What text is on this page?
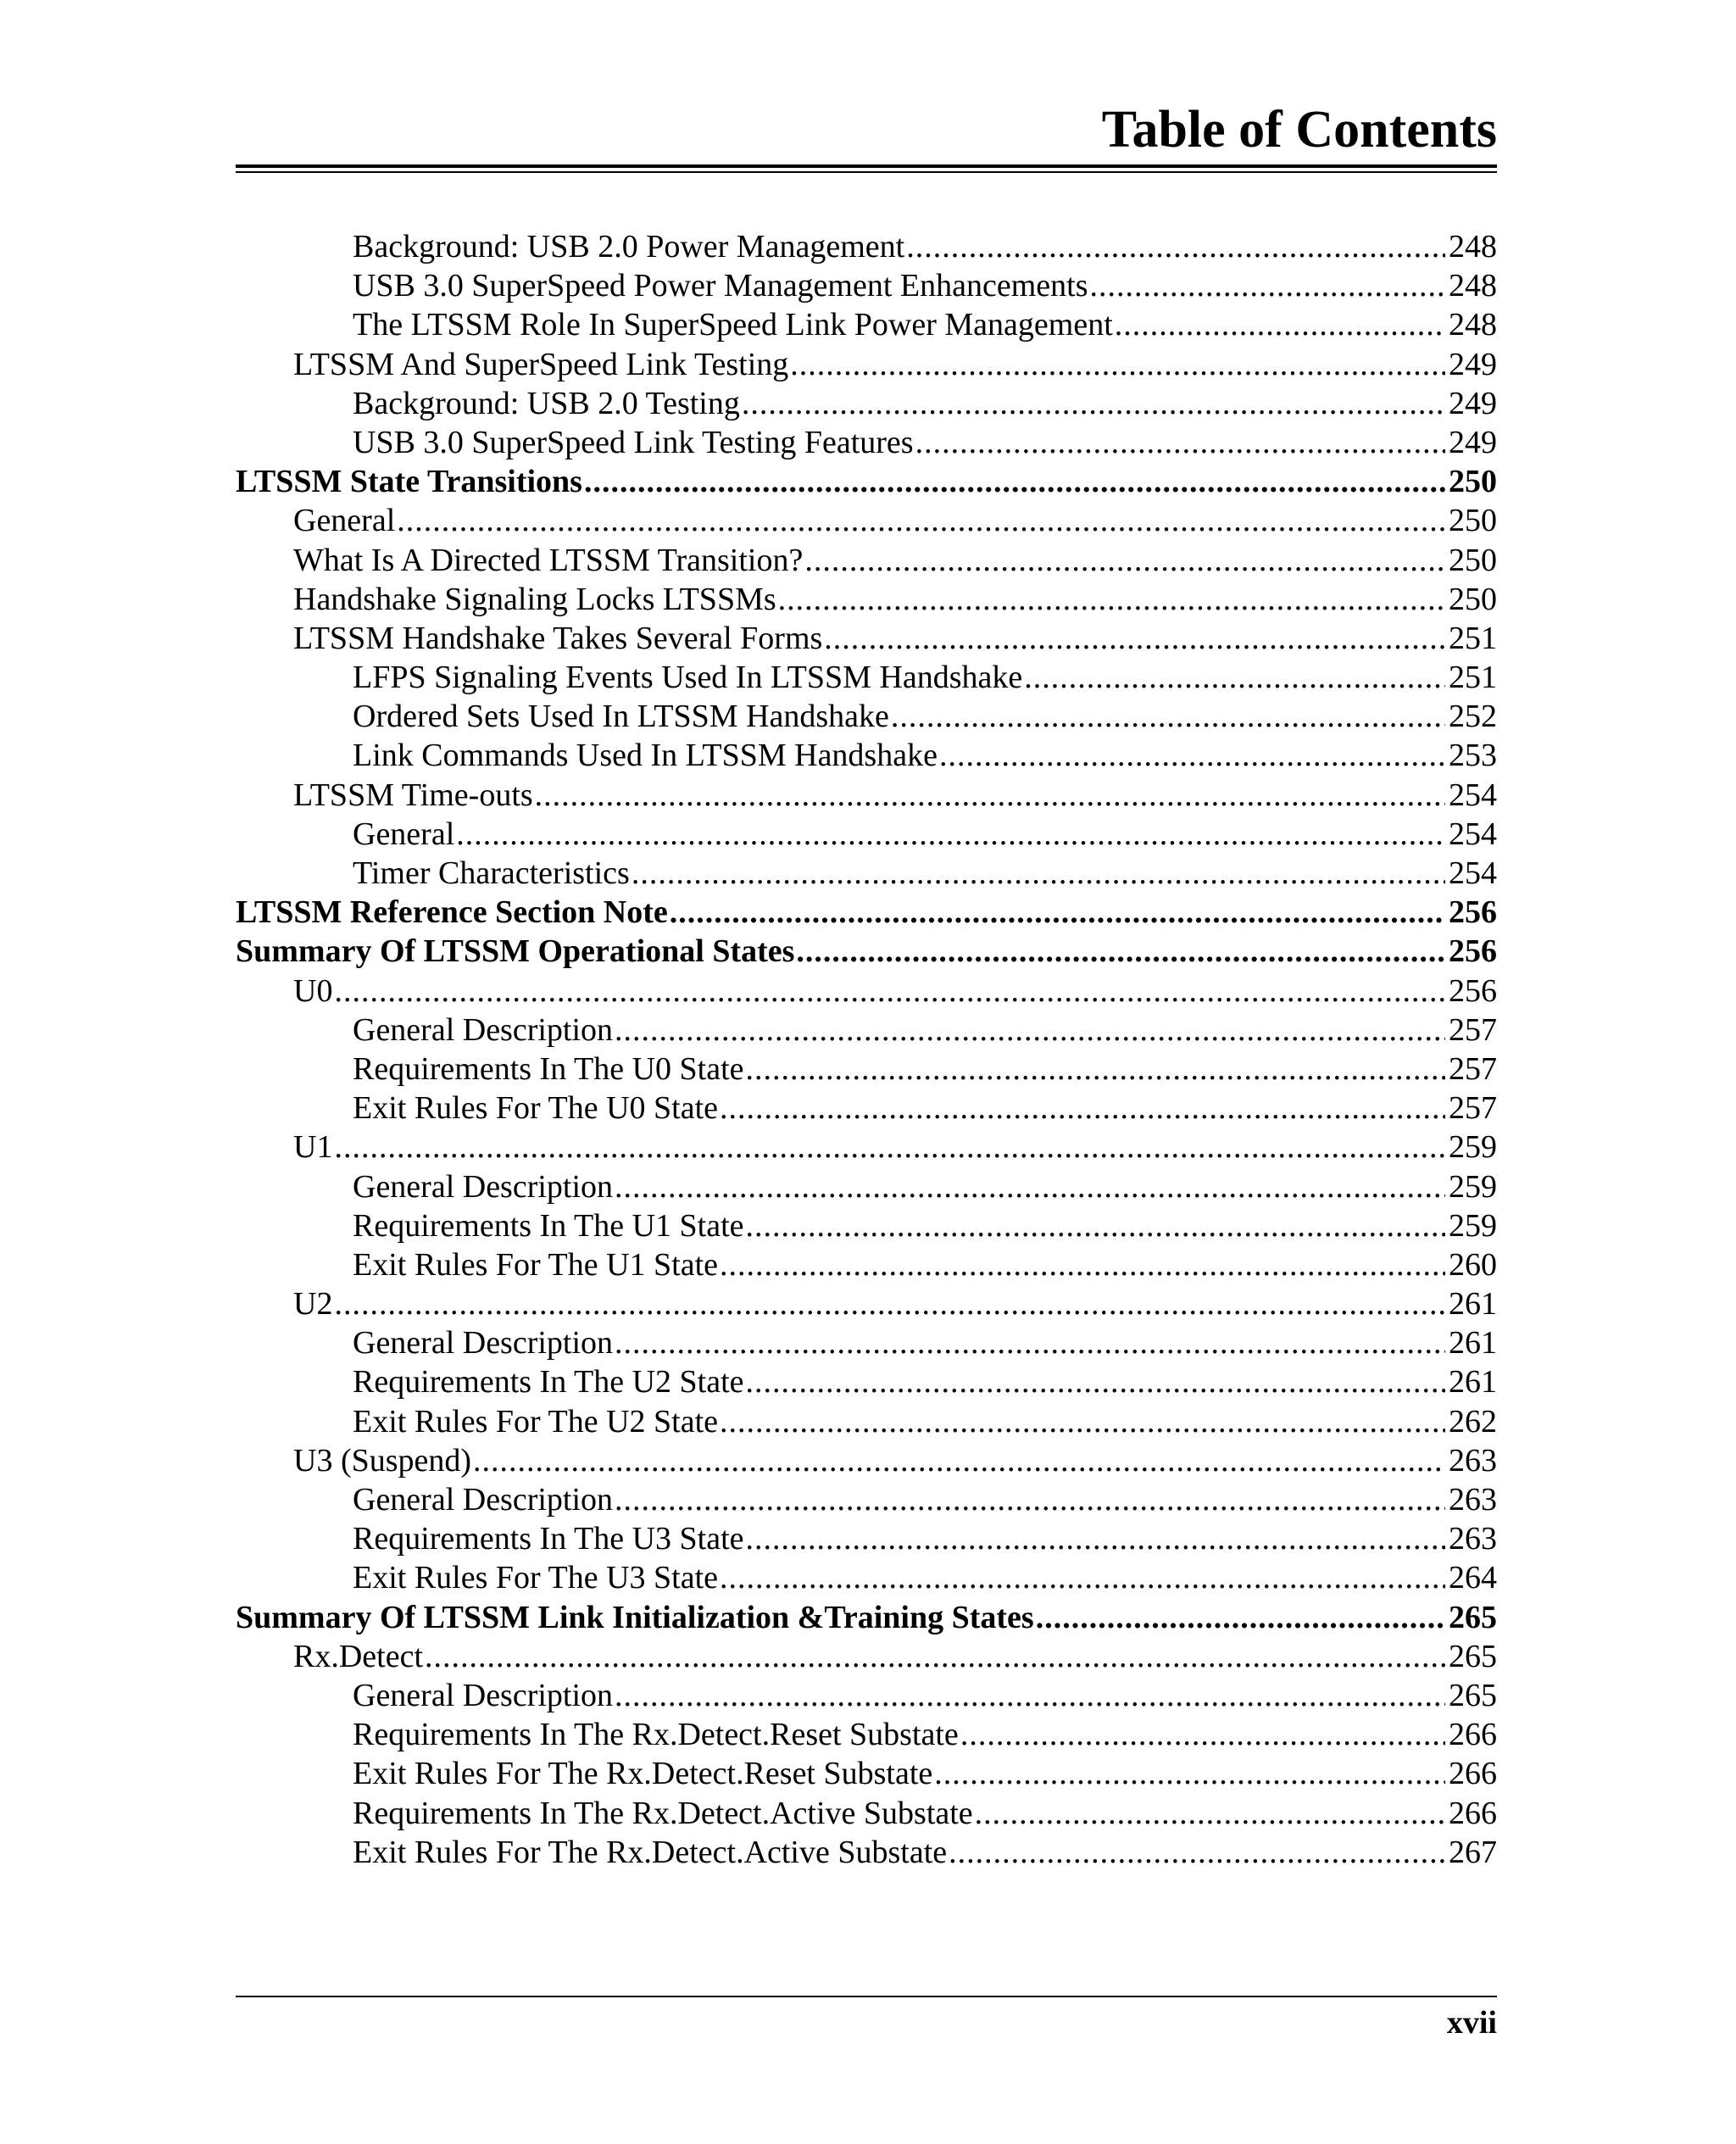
Table of Contents
Background: USB 2.0 Power Management .....	248
USB 3.0 SuperSpeed Power Management Enhancements .....	248
The LTSSM Role In SuperSpeed Link Power Management .....	248
LTSSM And SuperSpeed Link Testing .....	249
Background: USB 2.0 Testing .....	249
USB 3.0 SuperSpeed Link Testing Features .....	249
LTSSM State Transitions .....	250
General .....	250
What Is A Directed LTSSM Transition? .....	250
Handshake Signaling Locks LTSSMs .....	250
LTSSM Handshake Takes Several Forms .....	251
LFPS Signaling Events Used In LTSSM Handshake .....	251
Ordered Sets Used In LTSSM Handshake .....	252
Link Commands Used In LTSSM Handshake .....	253
LTSSM Time-outs .....	254
General .....	254
Timer Characteristics .....	254
LTSSM Reference Section Note .....	256
Summary Of LTSSM Operational States .....	256
U0 .....	256
General Description .....	257
Requirements In The U0 State .....	257
Exit Rules For The U0 State .....	257
U1 .....	259
General Description .....	259
Requirements In The U1 State .....	259
Exit Rules For The U1 State .....	260
U2 .....	261
General Description .....	261
Requirements In The U2 State .....	261
Exit Rules For The U2 State .....	262
U3 (Suspend) .....	263
General Description .....	263
Requirements In The U3 State .....	263
Exit Rules For The U3 State .....	264
Summary Of LTSSM Link Initialization &Training States .....	265
Rx.Detect .....	265
General Description .....	265
Requirements In The Rx.Detect.Reset Substate .....	266
Exit Rules For The Rx.Detect.Reset Substate .....	266
Requirements In The Rx.Detect.Active Substate .....	266
Exit Rules For The Rx.Detect.Active Substate .....	267

xvii
